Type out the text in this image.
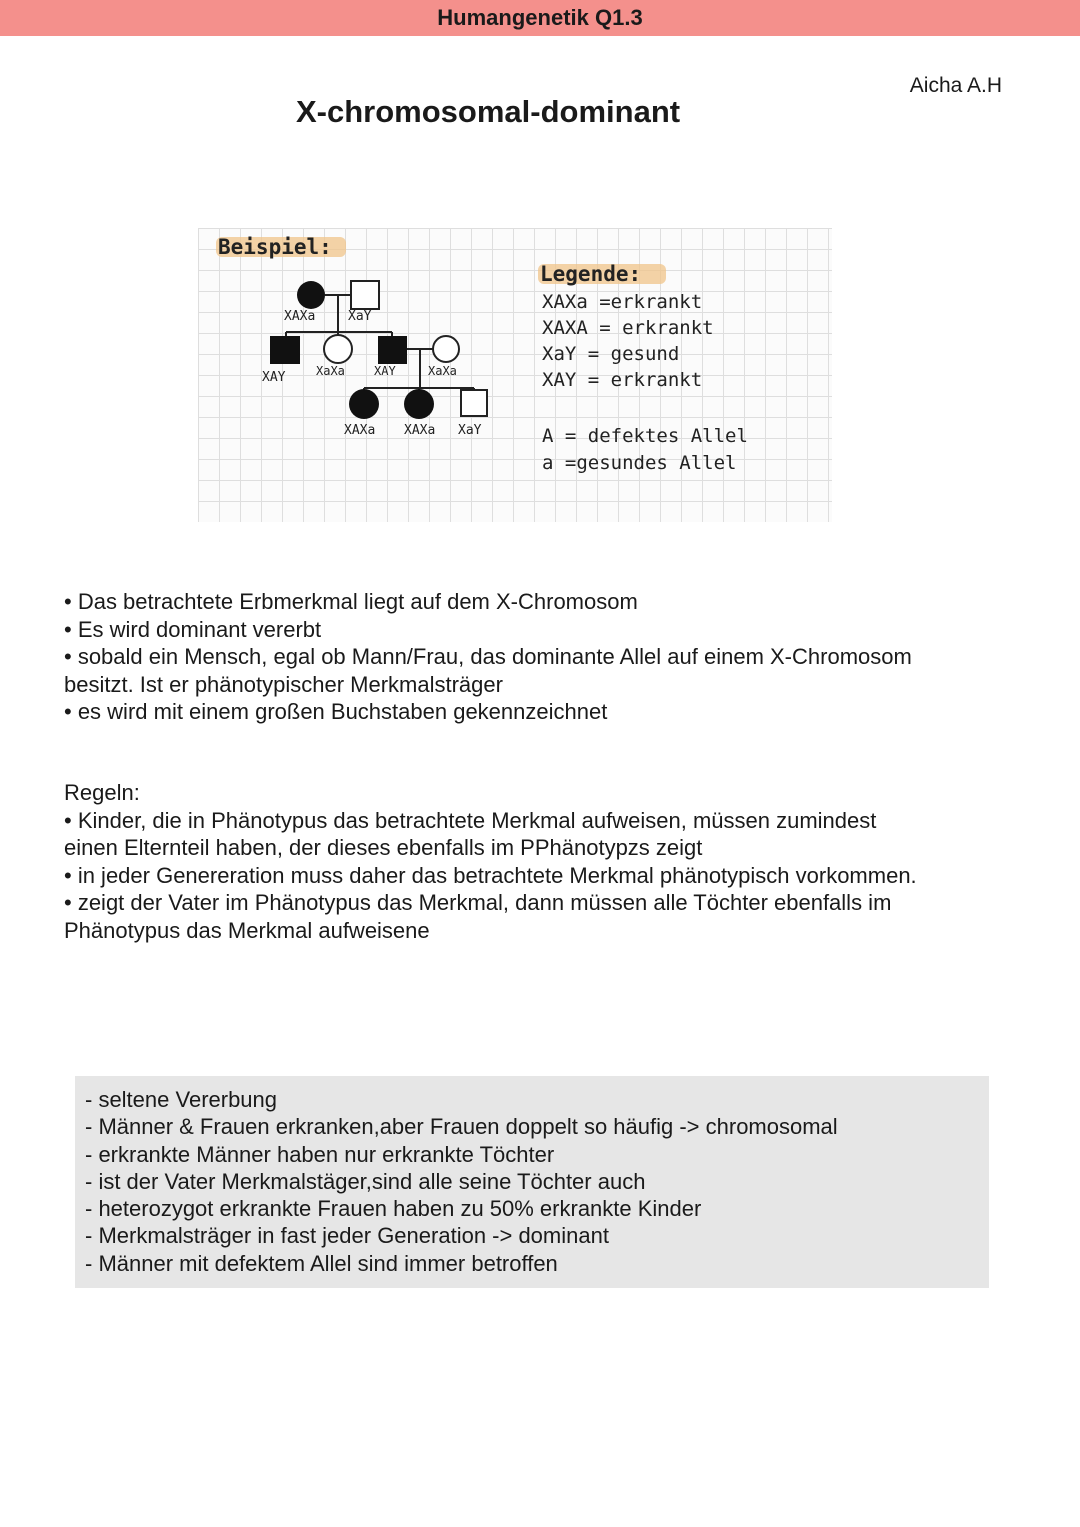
Humangenetik Q1.3
Aicha A.H
X-chromosomal-dominant
Beispiel:
XAXa	XaY
XAY	XaXa XAY	XaXa
XAXa XAXa XaY
Legende:
XAXa =erkrankt
XAXA = erkrankt
XaY = gesund
XAY = erkrankt
A = defektes Allel
a =gesundes Allel
• Das betrachtete Erbmerkmal liegt auf dem X-Chromosom
• Es wird dominant vererbt
• sobald ein Mensch, egal ob Mann/Frau, das dominante Allel auf einem X-Chromosom
besitzt. Ist er phänotypischer Merkmalsträger
• es wird mit einem großen Buchstaben gekennzeichnet
Regeln:
• Kinder, die in Phänotypus das betrachtete Merkmal aufweisen, müssen zumindest
einen Elternteil haben, der dieses ebenfalls im PPhänotypzs zeigt
• in jeder Genereration muss daher das betrachtete Merkmal phänotypisch vorkommen.
• zeigt der Vater im Phänotypus das Merkmal, dann müssen alle Töchter ebenfalls im
Phänotypus das Merkmal aufweisene
- seltene Vererbung
- Männer & Frauen erkranken,aber Frauen doppelt so häufig -> chromosomal
- erkrankte Männer haben nur erkrankte Töchter
- ist der Vater Merkmalstäger,sind alle seine Töchter auch
- heterozygot erkrankte Frauen haben zu 50% erkrankte Kinder
- Merkmalsträger in fast jeder Generation -> dominant
- Männer mit defektem Allel sind immer betroffen
